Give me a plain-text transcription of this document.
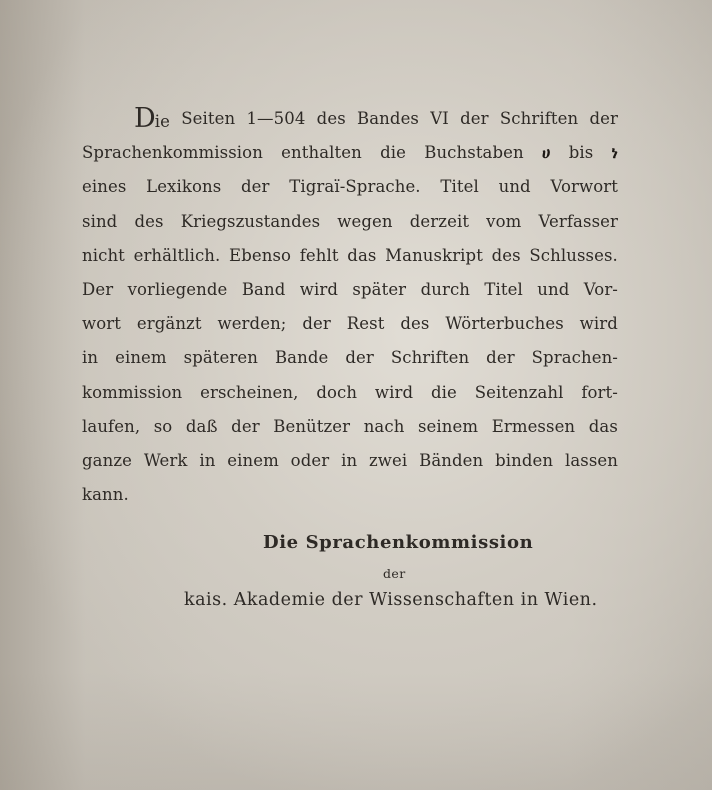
Die Seiten 1—504 des Bandes VI der Schriften der
Sprachenkommission enthalten die Buchstaben ሀ bis ነ
eines Lexikons der Tigraï-Sprache. Titel und Vorwort
sind des Kriegszustandes wegen derzeit vom Verfasser
nicht erhältlich. Ebenso fehlt das Manuskript des Schlusses.
Der vorliegende Band wird später durch Titel und Vor-
wort ergänzt werden; der Rest des Wörterbuches wird
in einem späteren Bande der Schriften der Sprachen-
kommission erscheinen, doch wird die Seitenzahl fort-
laufen, so daß der Benützer nach seinem Ermessen das
ganze Werk in einem oder in zwei Bänden binden lassen
kann.
Die Sprachenkommission
der
kais. Akademie der Wissenschaften in Wien.
